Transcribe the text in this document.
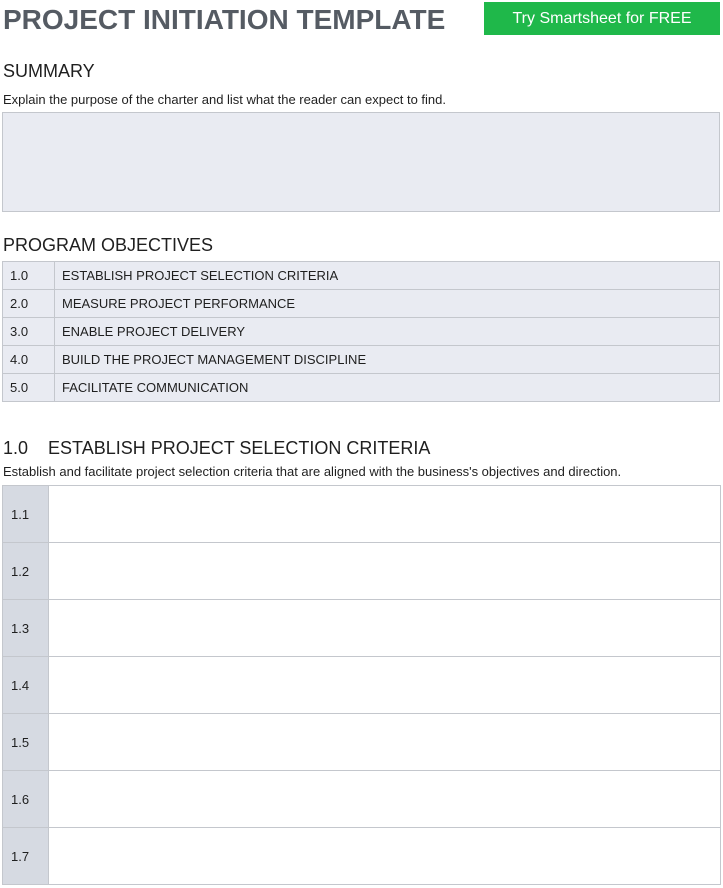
PROJECT INITIATION TEMPLATE	Try Smartsheet for FREE
SUMMARY
Explain the purpose of the charter and list what the reader can expect to find.
PROGRAM OBJECTIVES
1.0	ESTABLISH PROJECT SELECTION CRITERIA
2.0	MEASURE PROJECT PERFORMANCE
3.0	ENABLE PROJECT DELIVERY
4.0	BUILD THE PROJECT MANAGEMENT DISCIPLINE
5.0	FACILITATE COMMUNICATION
1.0    ESTABLISH PROJECT SELECTION CRITERIA
Establish and facilitate project selection criteria that are aligned with the business's objectives and direction.
1.1	
1.2	
1.3	
1.4	
1.5	
1.6	
1.7	
